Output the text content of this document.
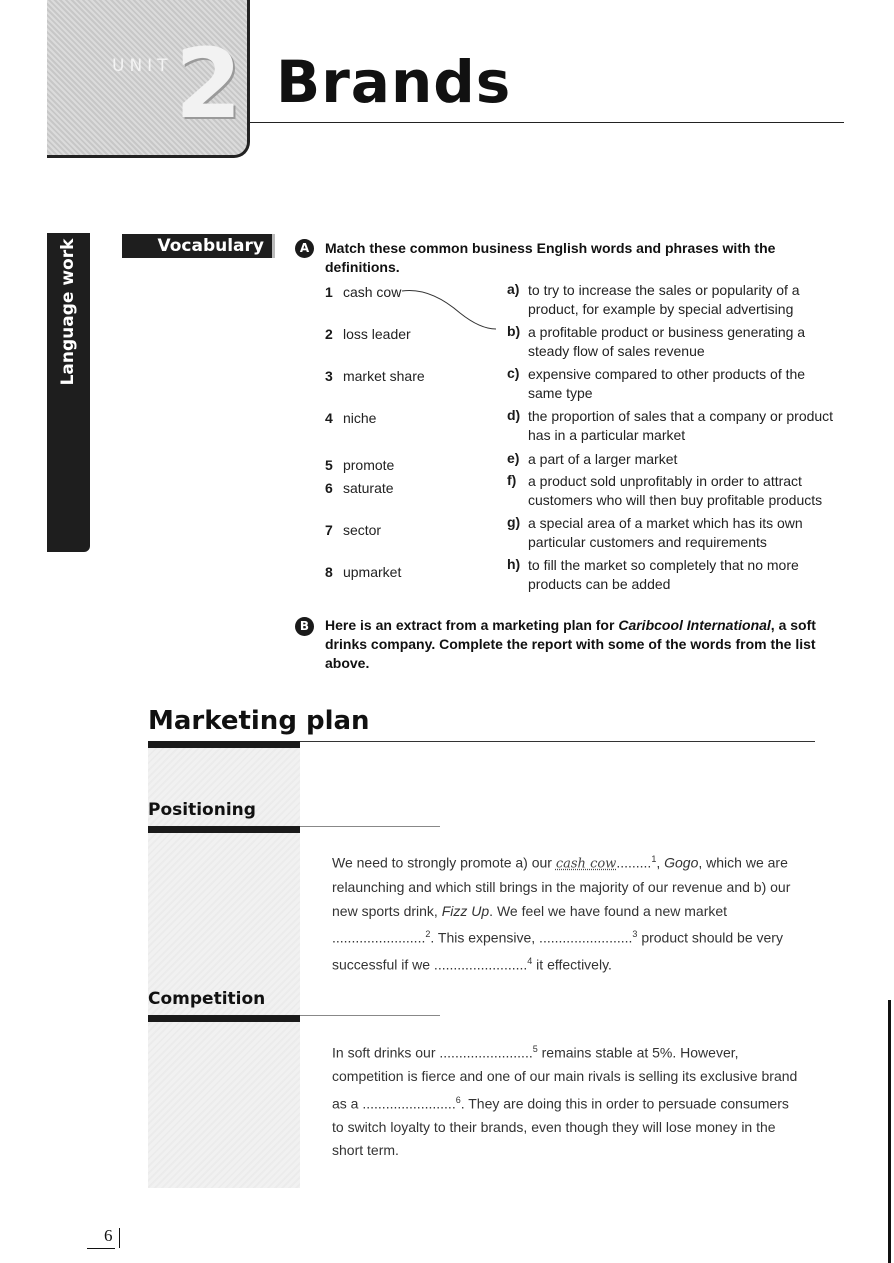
UNIT 2 Brands
Language work	Vocabulary	A	Match these common business English words and phrases with the definitions.
1 cash cow
2 loss leader
3 market share
4 niche
5 promote
6 saturate
7 sector
8 upmarket
a) to try to increase the sales or popularity of a product, for example by special advertising
b) a profitable product or business generating a steady flow of sales revenue
c) expensive compared to other products of the same type
d) the proportion of sales that a company or product has in a particular market
e) a part of a larger market
f) a product sold unprofitably in order to attract customers who will then buy profitable products
g) a special area of a market which has its own particular customers and requirements
h) to fill the market so completely that no more products can be added
B	Here is an extract from a marketing plan for Caribcool International, a soft drinks company. Complete the report with some of the words from the list above.
Marketing plan
Positioning
We need to strongly promote a) our cash cow.........$^1$, Gogo, which we are relaunching and which still brings in the majority of our revenue and b) our new sports drink, Fizz Up. We feel we have found a new market ........................$^2$. This expensive, ........................$^3$ product should be very successful if we ........................$^4$ it effectively.
Competition
In soft drinks our ........................$^5$ remains stable at 5%. However, competition is fierce and one of our main rivals is selling its exclusive brand as a ........................$^6$. They are doing this in order to persuade consumers to switch loyalty to their brands, even though they will lose money in the short term.
6
